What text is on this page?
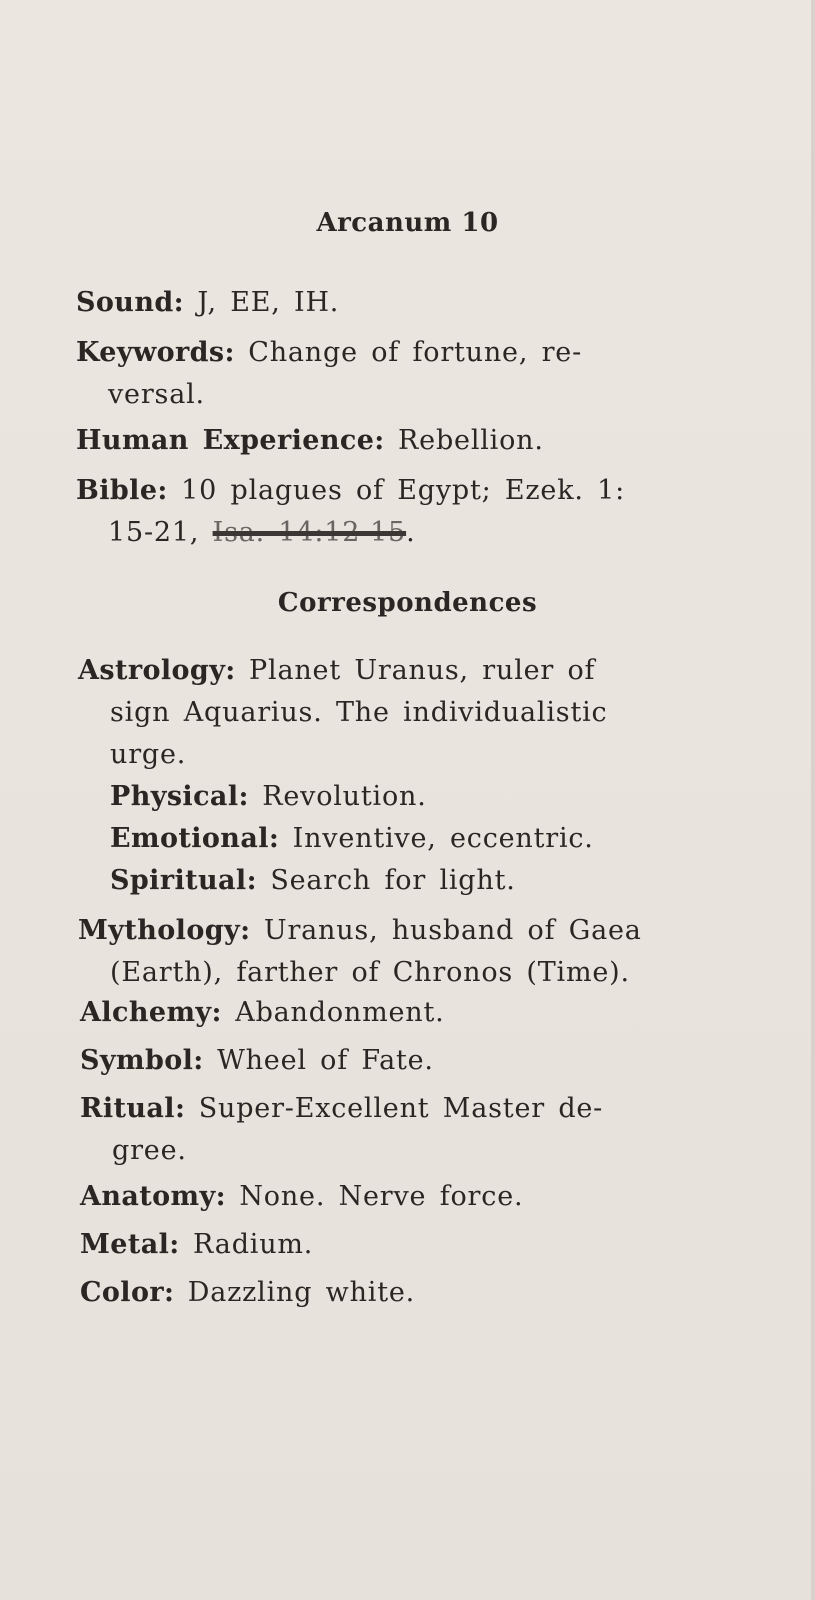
Arcanum 10
Sound: J, EE, IH.
Keywords: Change of fortune, re-
versal.
Human Experience: Rebellion.
Bible: 10 plagues of Egypt; Ezek. 1:
15-21, Isa. 14:12-15.
Correspondences
Astrology: Planet Uranus, ruler of
sign Aquarius. The individualistic
urge.
Physical: Revolution.
Emotional: Inventive, eccentric.
Spiritual: Search for light.
Mythology: Uranus, husband of Gaea
(Earth), farther of Chronos (Time).
Alchemy: Abandonment.
Symbol: Wheel of Fate.
Ritual: Super-Excellent Master de-
gree.
Anatomy: None. Nerve force.
Metal: Radium.
Color: Dazzling white.
